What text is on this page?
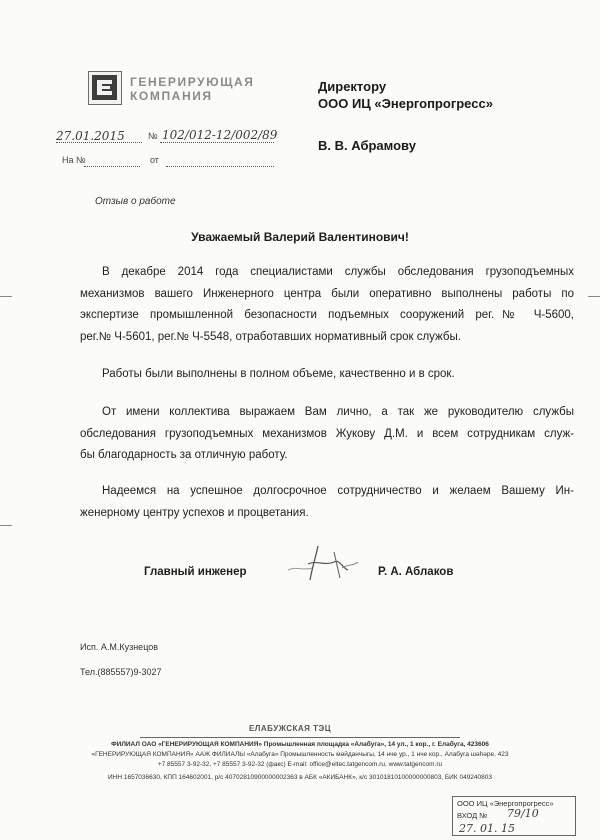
ГЕНЕРИРУЮЩАЯ
КОМПАНИЯ
Директору
ООО ИЦ «Энергопрогресс»
В. В. Абрамову
27.01.2015	№ 102/012-12/002/89
На №	от
Отзыв о работе
Уважаемый Валерий Валентинович!
В декабре 2014 года специалистами службы обследования грузоподъемных
механизмов вашего Инженерного центра были оперативно выполнены работы по
экспертизе промышленной безопасности подъемных сооружений рег.№ Ч-5600,
рег.№ Ч-5601, рег.№ Ч-5548, отработавших нормативный срок службы.
Работы были выполнены в полном объеме, качественно и в срок.
От имени коллектива выражаем Вам лично, а так же руководителю службы
обследования грузоподъемных механизмов Жукову Д.М. и всем сотрудникам служ-
бы благодарность за отличную работу.
Надеемся на успешное долгосрочное сотрудничество и желаем Вашему Ин-
женерному центру успехов и процветания.
Главный инженер	Р. А. Аблаков
Исп. А.М.Кузнецов
Тел.(885557)9-3027
ЕЛАБУЖСКАЯ ТЭЦ
ФИЛИАЛ ОАО «ГЕНЕРИРУЮЩАЯ КОМПАНИЯ» Промышленная площадка «Алабуга», 14 ул., 1 кор., г. Елабуга, 423606
«ГЕНЕРИРУЮЩАЯ КОМПАНИЯ» ААЖ ФИЛИАЛЫ «Алабуга» Промышленность мәйданчыгы, 14 нче ур., 1 нче кор., Алабуга шәһәре, 423
+7 85557 3-92-32, +7 85557 3-92-32 (факс) E-mail: office@eltec.tatgencom.ru, www.tatgencom.ru
ИНН 1657036630, КПП 164602001, р/с 40702810900000002363 в АБК «АКИБАНК», к/с 30101810100000000803, БИК 049240803
ООО ИЦ «Энергопрогресс»
ВХОД № 79/10
27. 01. 15
